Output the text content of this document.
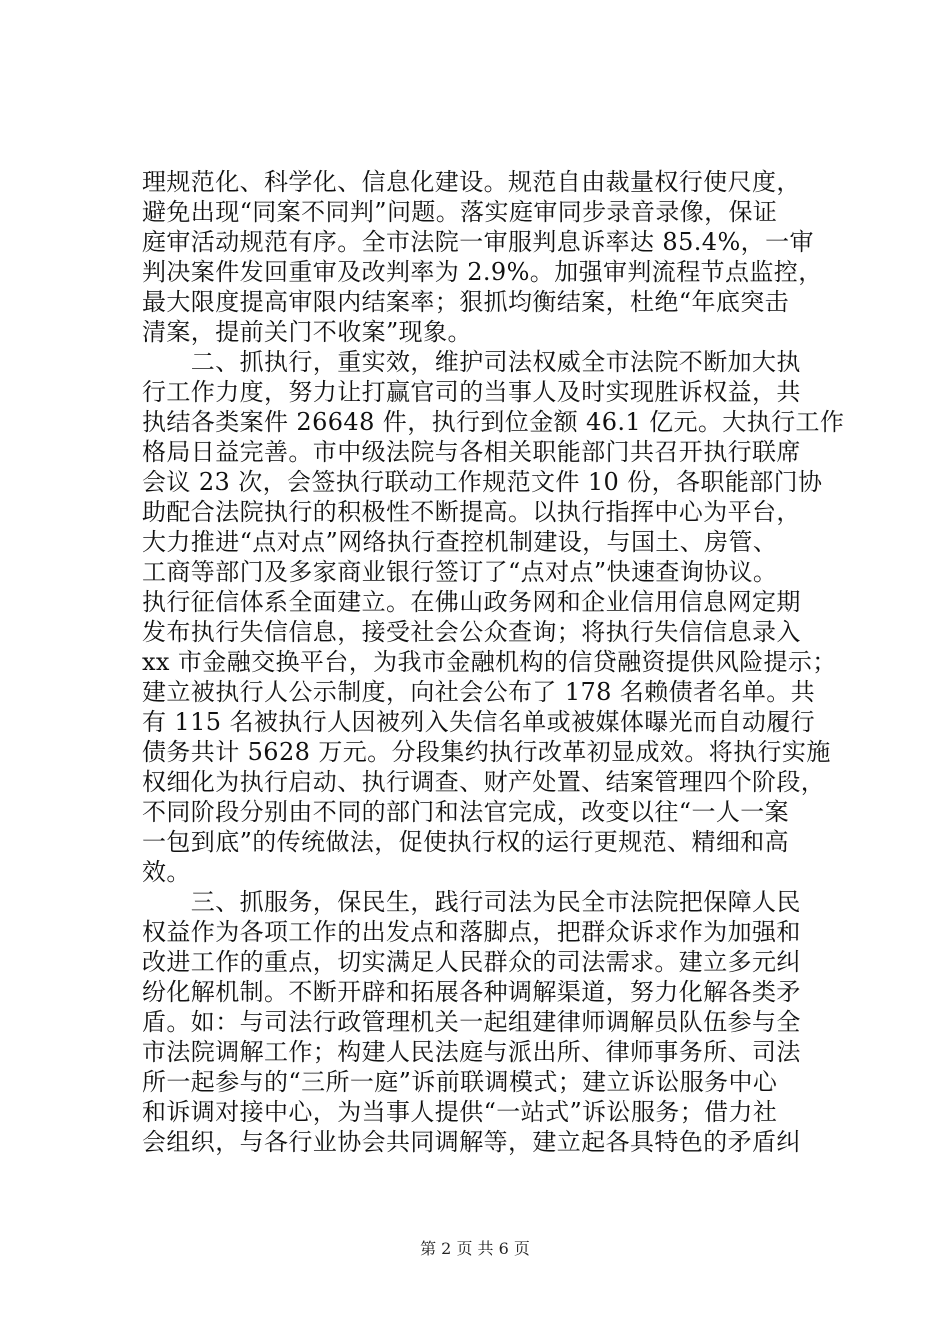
理规范化、科学化、信息化建设。规范自由裁量权行使尺度，
避免出现“同案不同判”问题。落实庭审同步录音录像，保证
庭审活动规范有序。全市法院一审服判息诉率达 85.4%，一审
判决案件发回重审及改判率为 2.9%。加强审判流程节点监控，
最大限度提高审限内结案率；狠抓均衡结案，杜绝“年底突击
清案，提前关门不收案”现象。
　　二、抓执行，重实效，维护司法权威全市法院不断加大执
行工作力度，努力让打赢官司的当事人及时实现胜诉权益，共
执结各类案件 26648 件，执行到位金额 46.1 亿元。大执行工作
格局日益完善。市中级法院与各相关职能部门共召开执行联席
会议 23 次，会签执行联动工作规范文件 10 份，各职能部门协
助配合法院执行的积极性不断提高。以执行指挥中心为平台，
大力推进“点对点”网络执行查控机制建设，与国土、房管、
工商等部门及多家商业银行签订了“点对点”快速查询协议。
执行征信体系全面建立。在佛山政务网和企业信用信息网定期
发布执行失信信息，接受社会公众查询；将执行失信信息录入
xx 市金融交换平台，为我市金融机构的信贷融资提供风险提示；
建立被执行人公示制度，向社会公布了 178 名赖债者名单。共
有 115 名被执行人因被列入失信名单或被媒体曝光而自动履行
债务共计 5628 万元。分段集约执行改革初显成效。将执行实施
权细化为执行启动、执行调查、财产处置、结案管理四个阶段，
不同阶段分别由不同的部门和法官完成，改变以往“一人一案
一包到底”的传统做法，促使执行权的运行更规范、精细和高
效。
　　三、抓服务，保民生，践行司法为民全市法院把保障人民
权益作为各项工作的出发点和落脚点，把群众诉求作为加强和
改进工作的重点，切实满足人民群众的司法需求。建立多元纠
纷化解机制。不断开辟和拓展各种调解渠道，努力化解各类矛
盾。如：与司法行政管理机关一起组建律师调解员队伍参与全
市法院调解工作；构建人民法庭与派出所、律师事务所、司法
所一起参与的“三所一庭”诉前联调模式；建立诉讼服务中心
和诉调对接中心，为当事人提供“一站式”诉讼服务；借力社
会组织，与各行业协会共同调解等，建立起各具特色的矛盾纠
第 2 页 共 6 页
